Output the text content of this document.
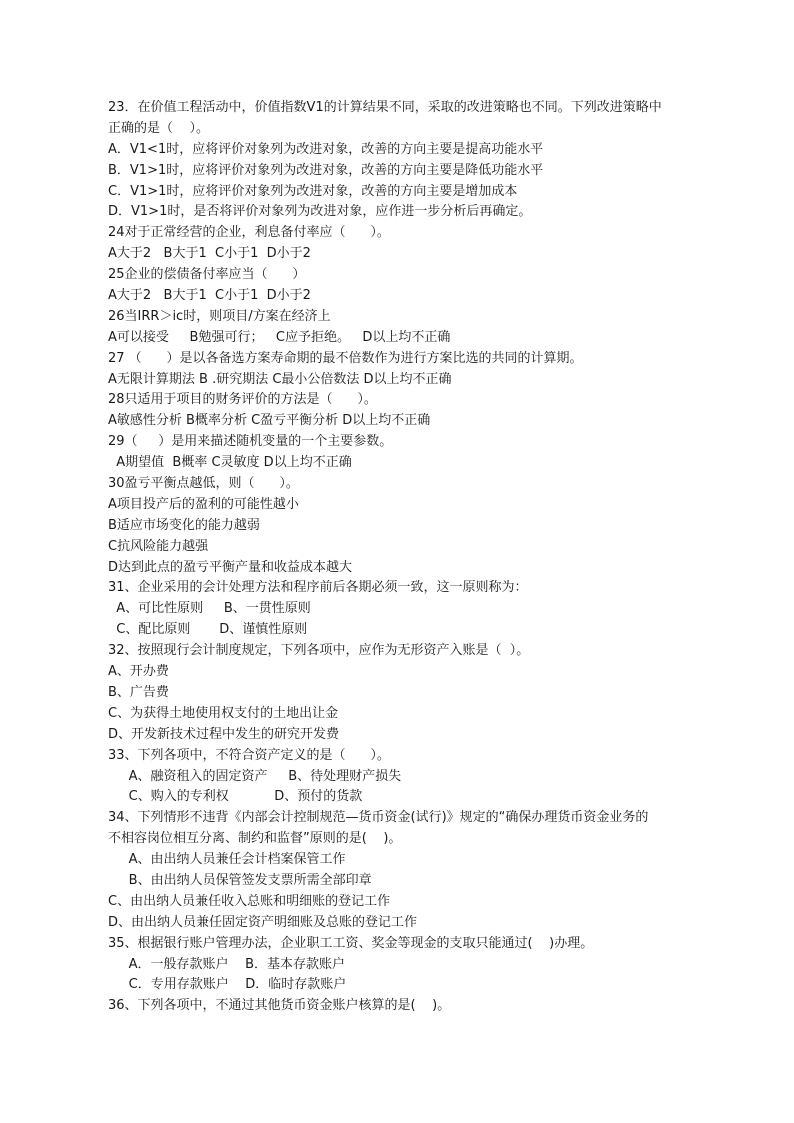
23．在价值工程活动中，价值指数V1的计算结果不同，采取的改进策略也不同。下列改进策略中
正确的是（    ）。
A．V1<1时，应将评价对象列为改进对象，改善的方向主要是提高功能水平
B．V1>1时，应将评价对象列为改进对象，改善的方向主要是降低功能水平
C．V1>1时，应将评价对象列为改进对象，改善的方向主要是增加成本
D．V1>1时，是否将评价对象列为改进对象，应作进一步分析后再确定。
24对于正常经营的企业，利息备付率应（      ）。
A大于2   B大于1  C小于1  D小于2
25企业的偿债备付率应当（      ）
A大于2   B大于1  C小于1  D小于2
26当IRR＞ic时，则项目/方案在经济上
A可以接受     B勉强可行；   C应予拒绝。   D以上均不正确
27 （      ）是以各备选方案寿命期的最不倍数作为进行方案比选的共同的计算期。
A无限计算期法 B .研究期法 C最小公倍数法 D以上均不正确
28只适用于项目的财务评价的方法是（      ）。
A敏感性分析 B概率分析 C盈亏平衡分析 D以上均不正确
29（     ）是用来描述随机变量的一个主要参数。
A期望值  B概率 C灵敏度 D以上均不正确
30盈亏平衡点越低，则（      ）。
A项目投产后的盈利的可能性越小
B适应市场变化的能力越弱
C抗风险能力越强
D达到此点的盈亏平衡产量和收益成本越大
31、企业采用的会计处理方法和程序前后各期必须一致，这一原则称为：
A、可比性原则     B、一贯性原则
C、配比原则       D、谨慎性原则
32、按照现行会计制度规定，下列各项中，应作为无形资产入账是（  ）。
A、开办费
B、广告费
C、为获得土地使用权支付的土地出让金
D、开发新技术过程中发生的研究开发费
33、下列各项中，不符合资产定义的是（      ）。
A、融资租入的固定资产     B、待处理财产损失
C、购入的专利权           D、预付的货款
34、下列情形不违背《内部会计控制规范—货币资金(试行)》规定的“确保办理货币资金业务的
不相容岗位相互分离、制约和监督”原则的是(    )。
A、由出纳人员兼任会计档案保管工作
B、由出纳人员保管签发支票所需全部印章
C、由出纳人员兼任收入总账和明细账的登记工作
D、由出纳人员兼任固定资产明细账及总账的登记工作
35、根据银行账户管理办法，企业职工工资、奖金等现金的支取只能通过(    )办理。
A．一般存款账户    B．基本存款账户
C．专用存款账户    D．临时存款账户
36、下列各项中，不通过其他货币资金账户核算的是(    )。
